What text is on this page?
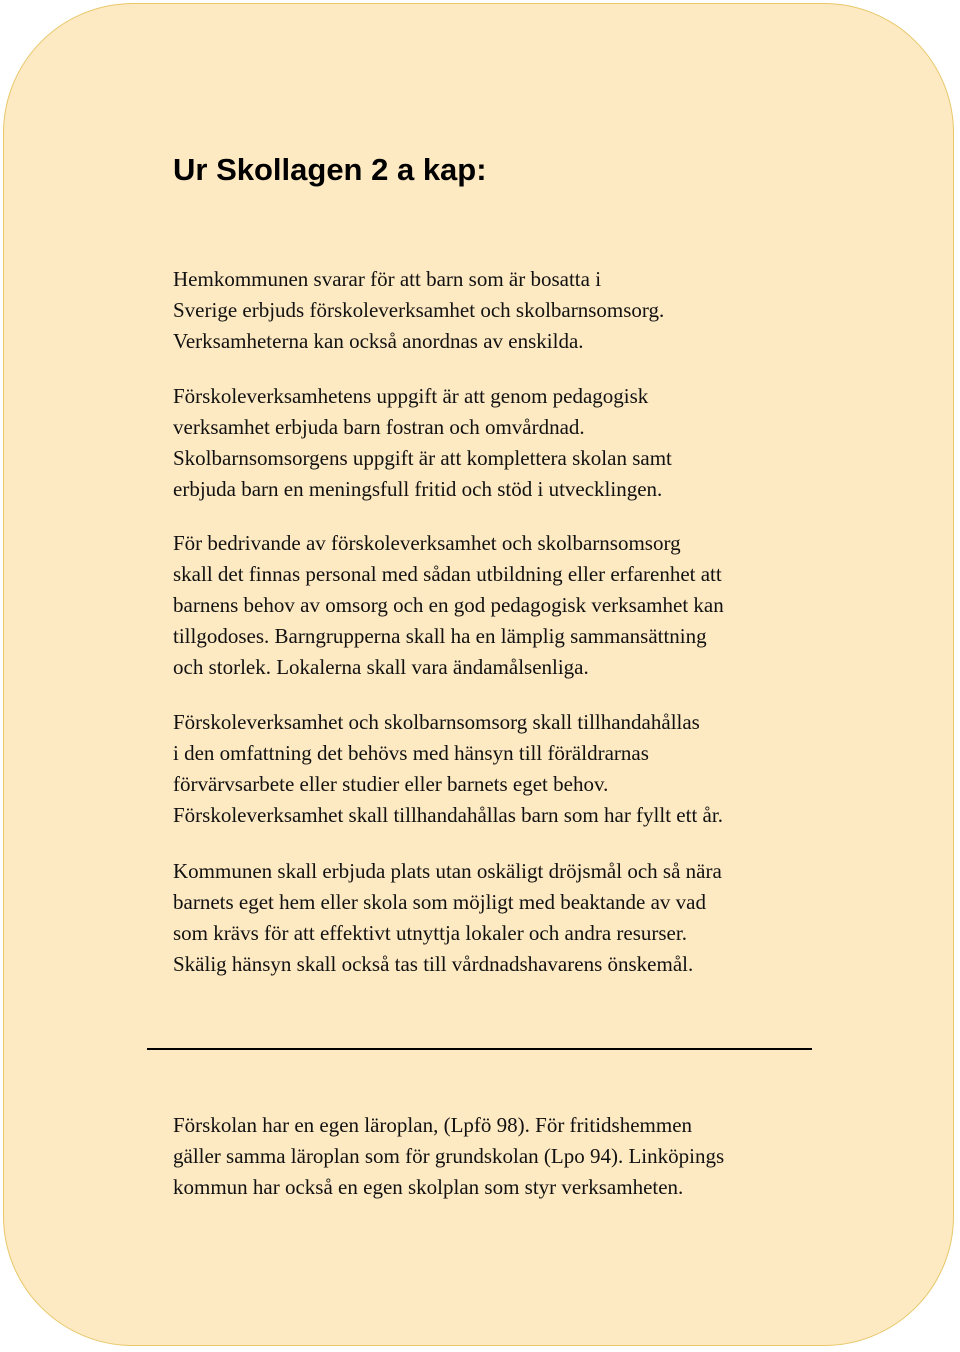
Ur Skollagen 2 a kap:

Hemkommunen svarar för att barn som är bosatta i
Sverige erbjuds förskoleverksamhet och skolbarnsomsorg.
Verksamheterna kan också anordnas av enskilda.

Förskoleverksamhetens uppgift är att genom pedagogisk
verksamhet erbjuda barn fostran och omvårdnad.
Skolbarnsomsorgens uppgift är att komplettera skolan samt
erbjuda barn en meningsfull fritid och stöd i utvecklingen.

För bedrivande av förskoleverksamhet och skolbarnsomsorg
skall det finnas personal med sådan utbildning eller erfarenhet att
barnens behov av omsorg och en god pedagogisk verksamhet kan
tillgodoses. Barngrupperna skall ha en lämplig sammansättning
och storlek. Lokalerna skall vara ändamålsenliga.

Förskoleverksamhet och skolbarnsomsorg skall tillhandahållas
i den omfattning det behövs med hänsyn till föräldrarnas
förvärvsarbete eller studier eller barnets eget behov.
Förskoleverksamhet skall tillhandahållas barn som har fyllt ett år.

Kommunen skall erbjuda plats utan oskäligt dröjsmål och så nära
barnets eget hem eller skola som möjligt med beaktande av vad
som krävs för att effektivt utnyttja lokaler och andra resurser.
Skälig hänsyn skall också tas till vårdnadshavarens önskemål.

Förskolan har en egen läroplan, (Lpfö 98). För fritidshemmen
gäller samma läroplan som för grundskolan (Lpo 94). Linköpings
kommun har också en egen skolplan som styr verksamheten.
